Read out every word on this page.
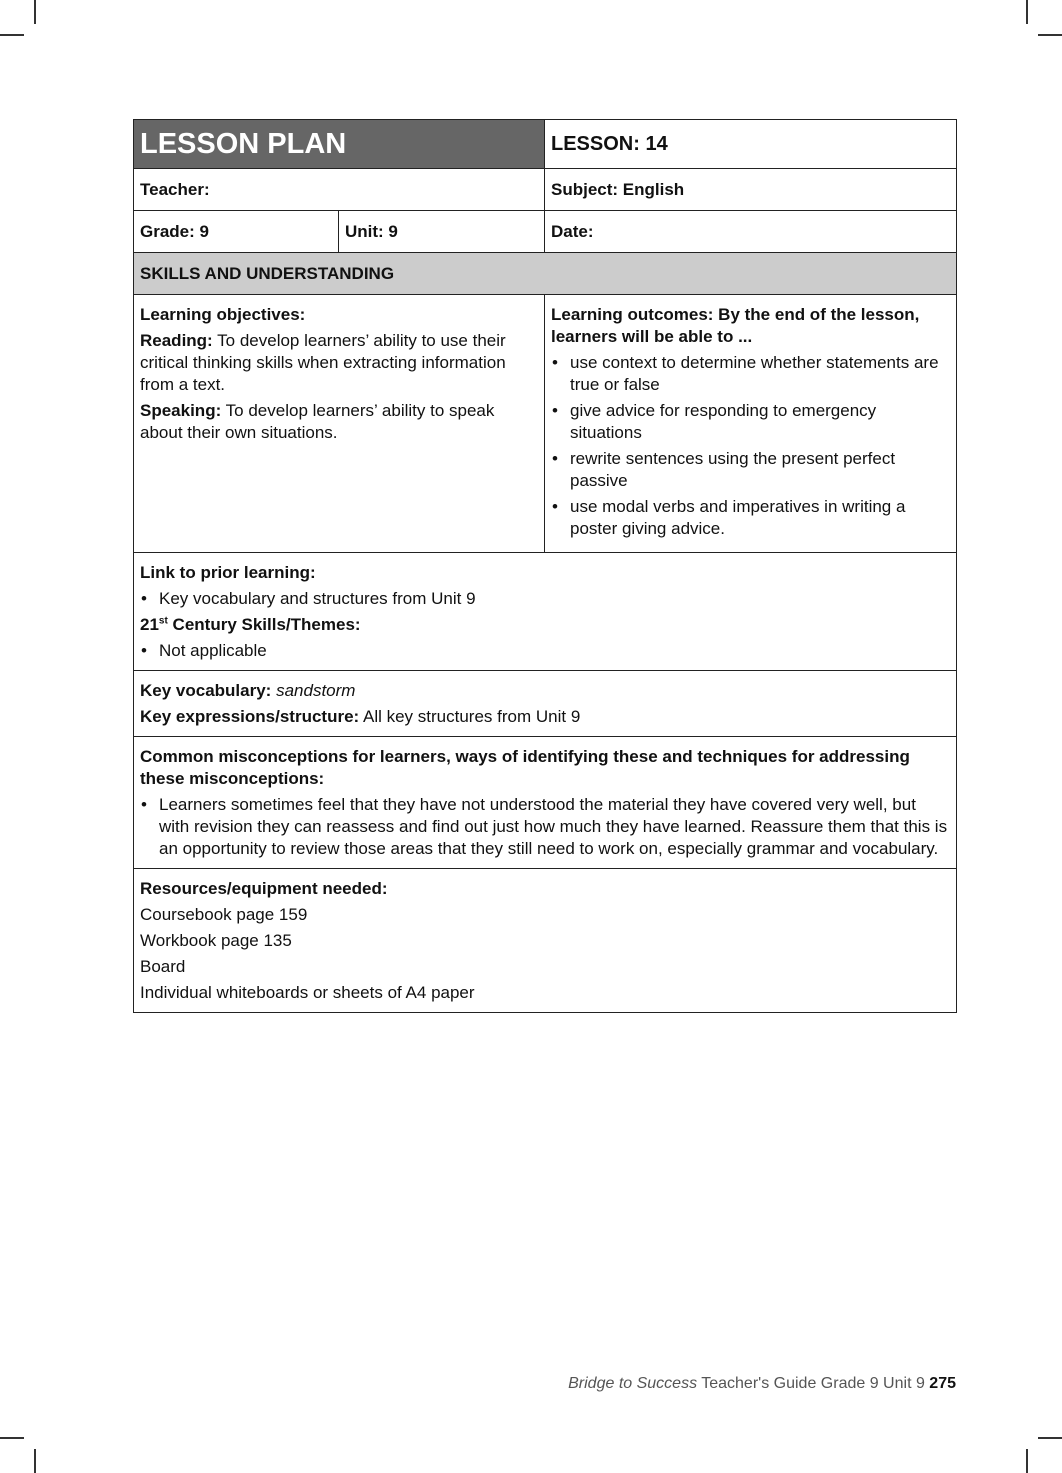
LESSON PLAN		LESSON: 14
Teacher:		Subject: English
Grade: 9	Unit: 9	Date:
SKILLS AND UNDERSTANDING		

Learning objectives:
Reading: To develop learners’ ability to use their critical thinking skills when extracting information from a text.
Speaking: To develop learners’ ability to speak about their own situations.

Learning outcomes: By the end of the lesson, learners will be able to ...
• use context to determine whether statements are true or false
• give advice for responding to emergency situations
• rewrite sentences using the present perfect passive
• use modal verbs and imperatives in writing a poster giving advice.

Link to prior learning:
• Key vocabulary and structures from Unit 9
21st Century Skills/Themes:
• Not applicable

Key vocabulary: sandstorm
Key expressions/structure: All key structures from Unit 9		

Common misconceptions for learners, ways of identifying these and techniques for addressing these misconceptions:
• Learners sometimes feel that they have not understood the material they have covered very well, but with revision they can reassess and find out just how much they have learned. Reassure them that this is an opportunity to review those areas that they still need to work on, especially grammar and vocabulary.

Resources/equipment needed:
Coursebook page 159
Workbook page 135
Board
Individual whiteboards or sheets of A4 paper		
Bridge to Success Teacher's Guide Grade 9 Unit 9 275
